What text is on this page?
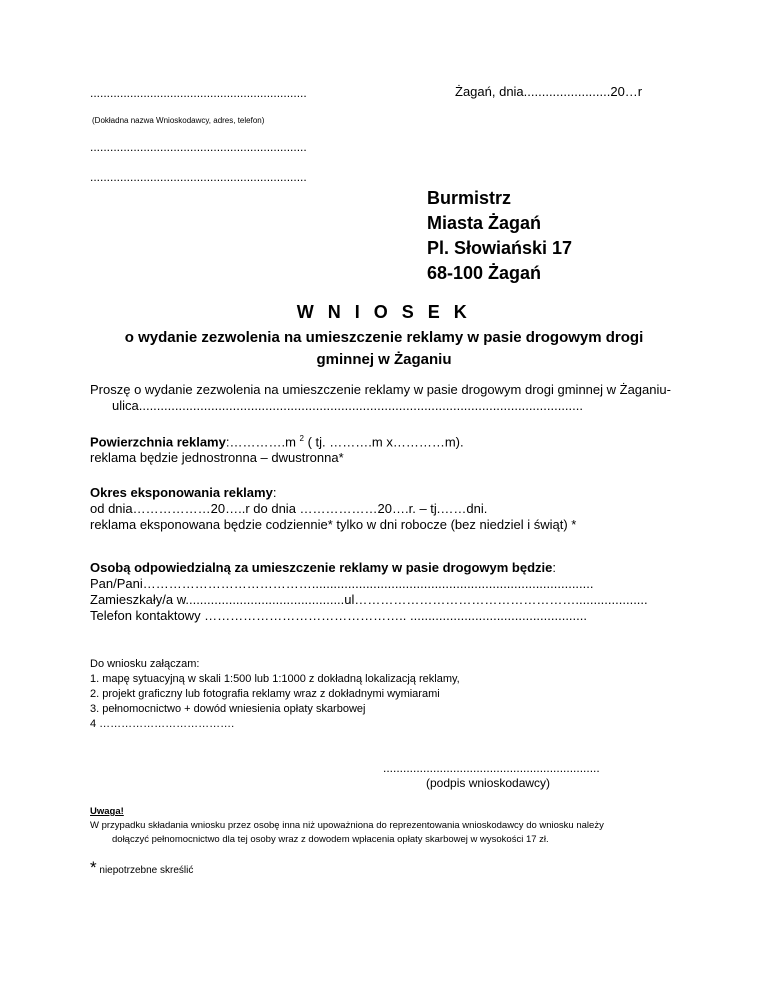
.................................................................	Żagań, dnia........................20…r
(Dokładna nazwa Wnioskodawcy, adres, telefon)
.................................................................
.................................................................
Burmistrz
Miasta Żagań
Pl. Słowiański 17
68-100 Żagań
W N I O S E K
o wydanie zezwolenia na umieszczenie reklamy w pasie drogowym drogi gminnej w Żaganiu
Proszę o wydanie zezwolenia na umieszczenie reklamy w pasie drogowym drogi gminnej w Żaganiu-
ulica...........................................................................................................................
Powierzchnia reklamy:………….m $^2$ ( tj. ……….m x…………m).
reklama będzie jednostronna – dwustronna*
Okres eksponowania reklamy:
od dnia………………20…..r do dnia ………………20….r. – tj.……dni.
reklama eksponowana będzie codziennie* tylko w dni robocze (bez niedziel i świąt) *
Osobą odpowiedzialną za umieszczenie reklamy w pasie drogowym będzie:
Pan/Pani…………………………………..............................................................................
Zamieszkały/a w............................................ul……………………………………………....................
Telefon kontaktowy ……………………………………….. .................................................
Do wniosku załączam:
1. mapę sytuacyjną w skali 1:500 lub 1:1000 z dokładną lokalizacją reklamy,
2. projekt graficzny lub fotografia reklamy wraz z dokładnymi wymiarami
3. pełnomocnictwo + dowód wniesienia opłaty skarbowej
4 ……………………………….
.................................................................
(podpis wnioskodawcy)
Uwaga!
W przypadku składania wniosku przez osobę inna niż upoważniona do reprezentowania wnioskodawcy do wniosku należy
dołączyć pełnomocnictwo dla tej osoby wraz z dowodem wpłacenia opłaty skarbowej w wysokości 17 zł.
* niepotrzebne skreślić
